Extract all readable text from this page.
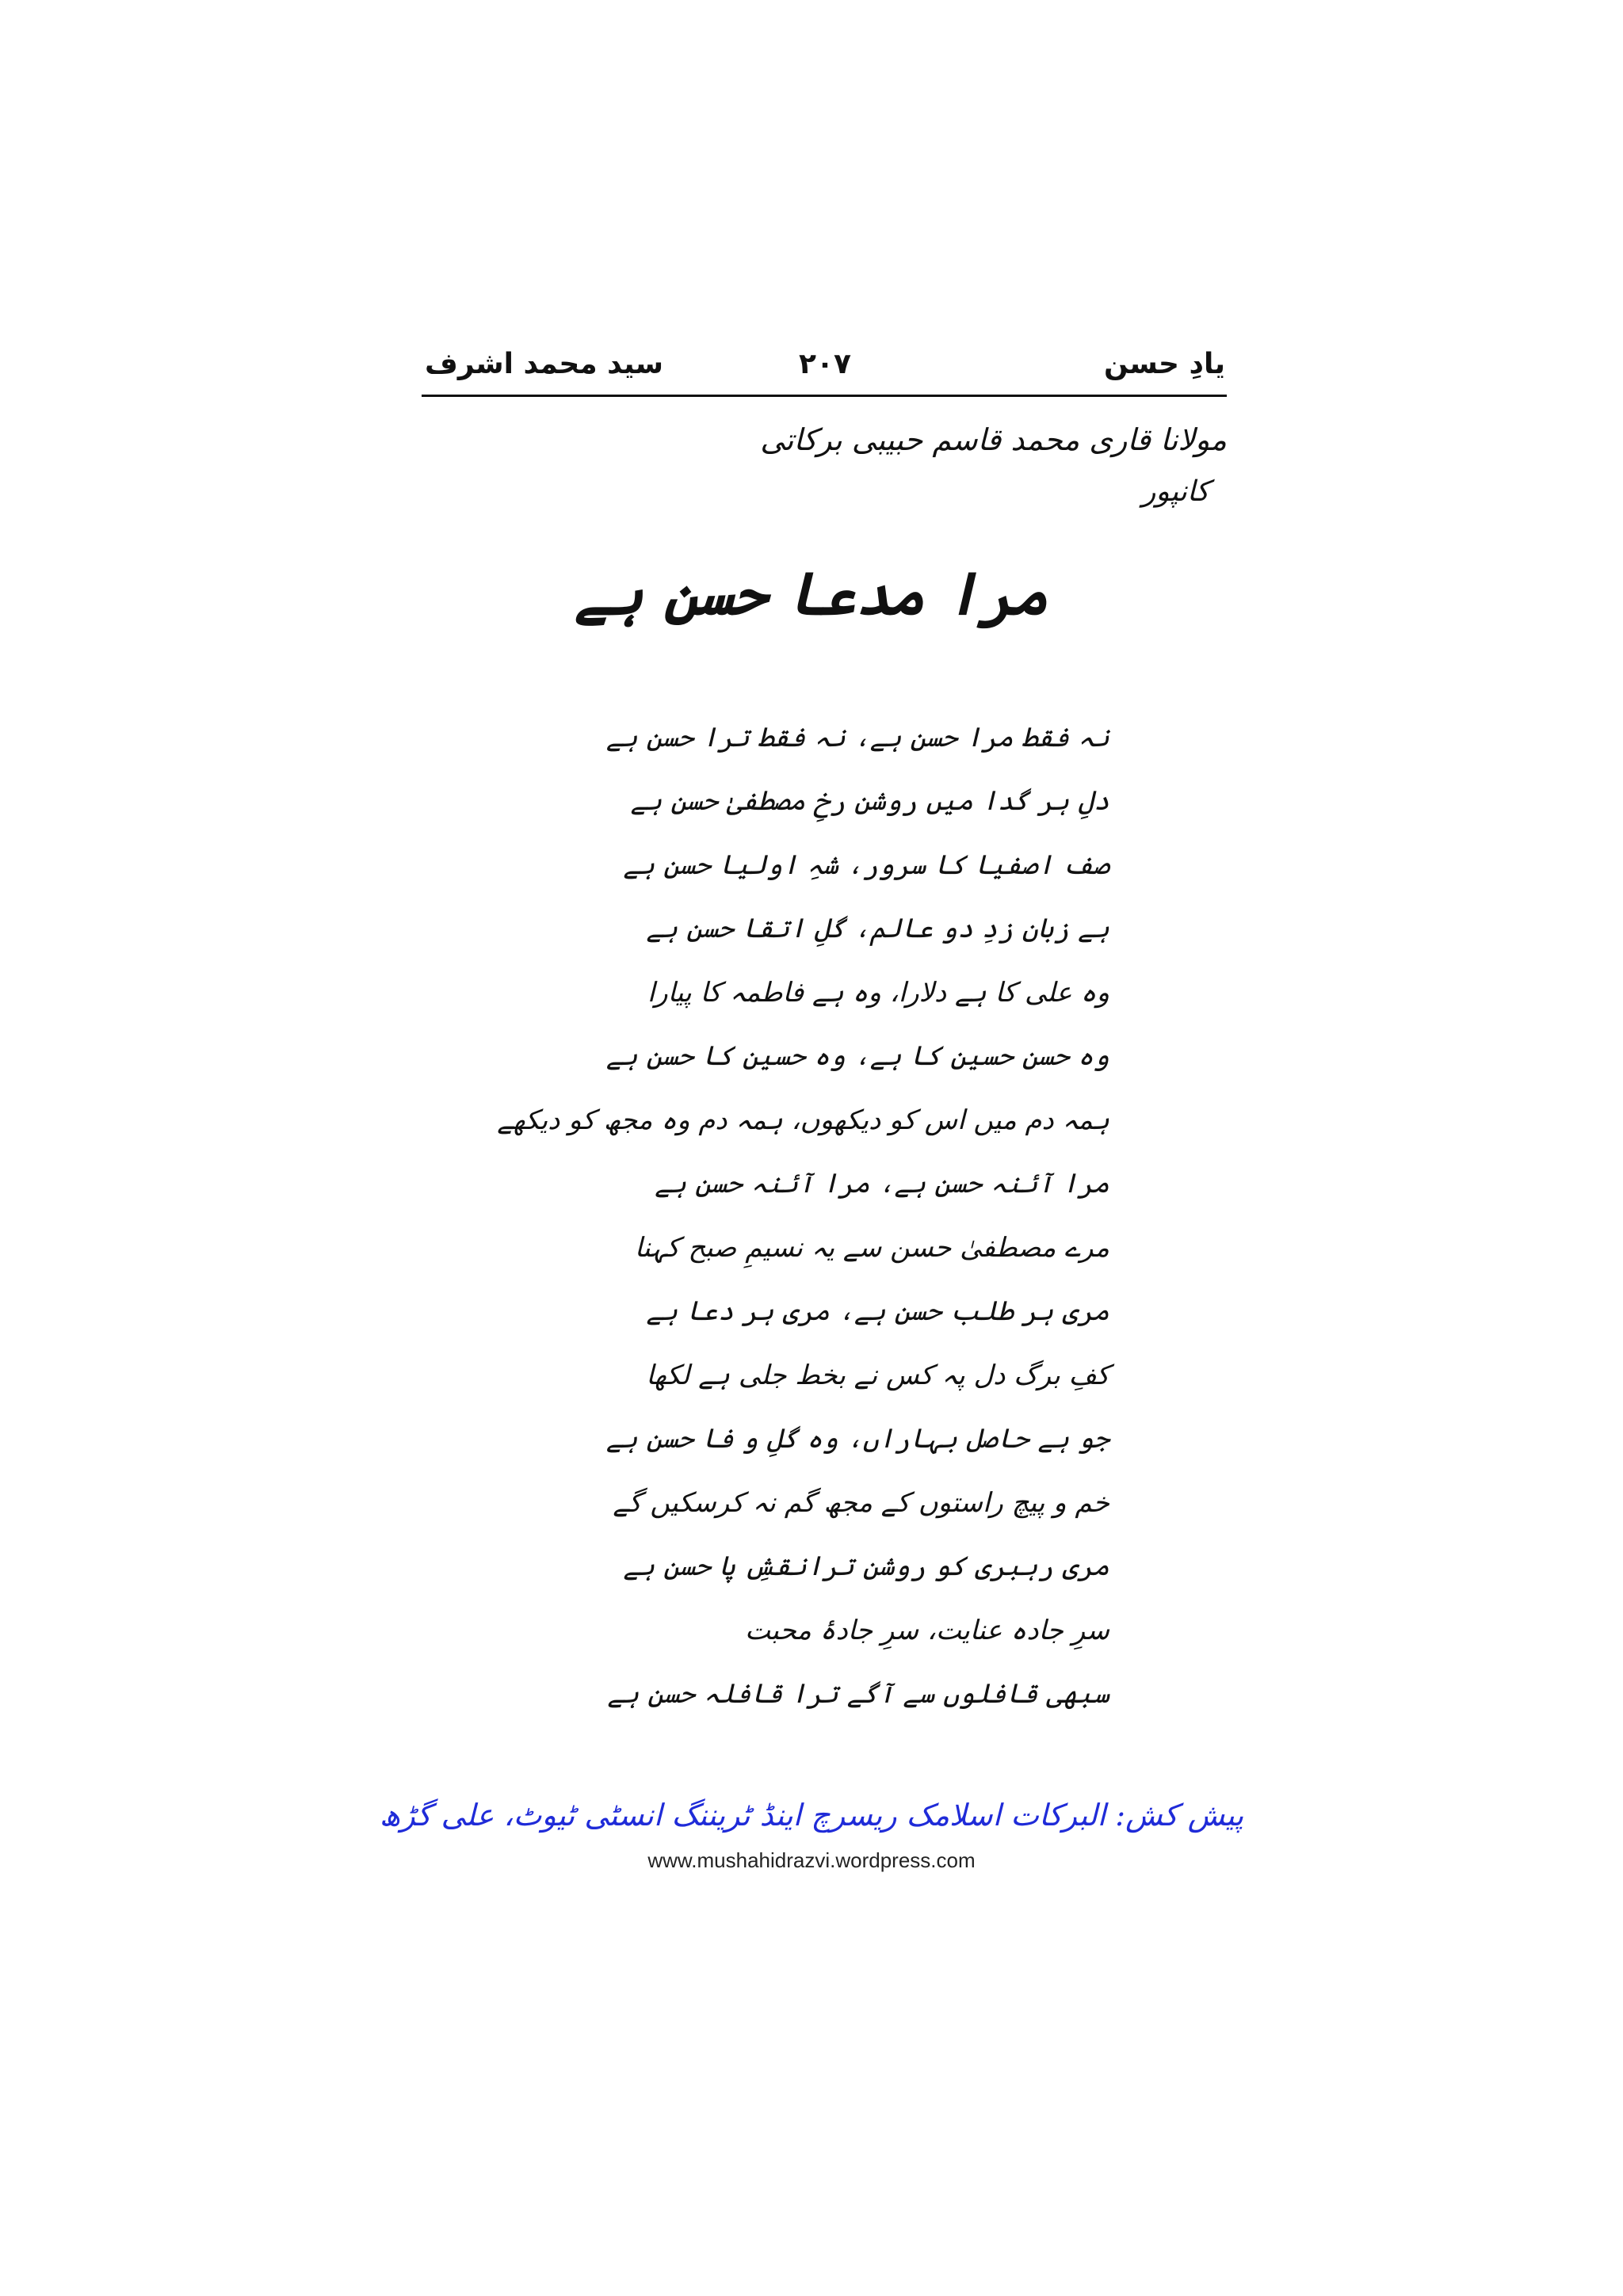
یادِ حسن
۲۰۷
سید محمد اشرف
مولانا قاری محمد قاسم حبیبی برکاتی
کانپور
مرا مدعا حسن ہے
نہ فقط مرا حسن ہے، نہ فقط ترا حسن ہے
دلِ ہر گدا میں روشن رخِ مصطفیٰ حسن ہے
صف اصفیا کا سرور، شہِ اولیا حسن ہے
ہے زبان زدِ دو عالم، گلِ اتقا حسن ہے
وہ علی کا ہے دلارا، وہ ہے فاطمہ کا پیارا
وہ حسن حسین کا ہے، وہ حسین کا حسن ہے
ہمہ دم میں اس کو دیکھوں، ہمہ دم وہ مجھ کو دیکھے
مرا آئنہ حسن ہے، مرا آئنہ حسن ہے
مرے مصطفیٰ حسن سے یہ نسیمِ صبح کہنا
مری ہر طلب حسن ہے، مری ہر دعا ہے
کفِ برگ دل پہ کس نے بخط جلی ہے لکھا
جو ہے حاصل بہاراں، وہ گلِ و فا حسن ہے
خم و پیچ راستوں کے مجھ گم نہ کرسکیں گے
مری رہبری کو روشن ترانقشِ پا حسن ہے
سرِ جادہ عنایت، سرِ جادۂ محبت
سبھی قافلوں سے آگے ترا قافلہ حسن ہے
پیش کش: البرکات اسلامک ریسرچ اینڈ ٹریننگ انسٹی ٹیوٹ، علی گڑھ
www.mushahidrazvi.wordpress.com
